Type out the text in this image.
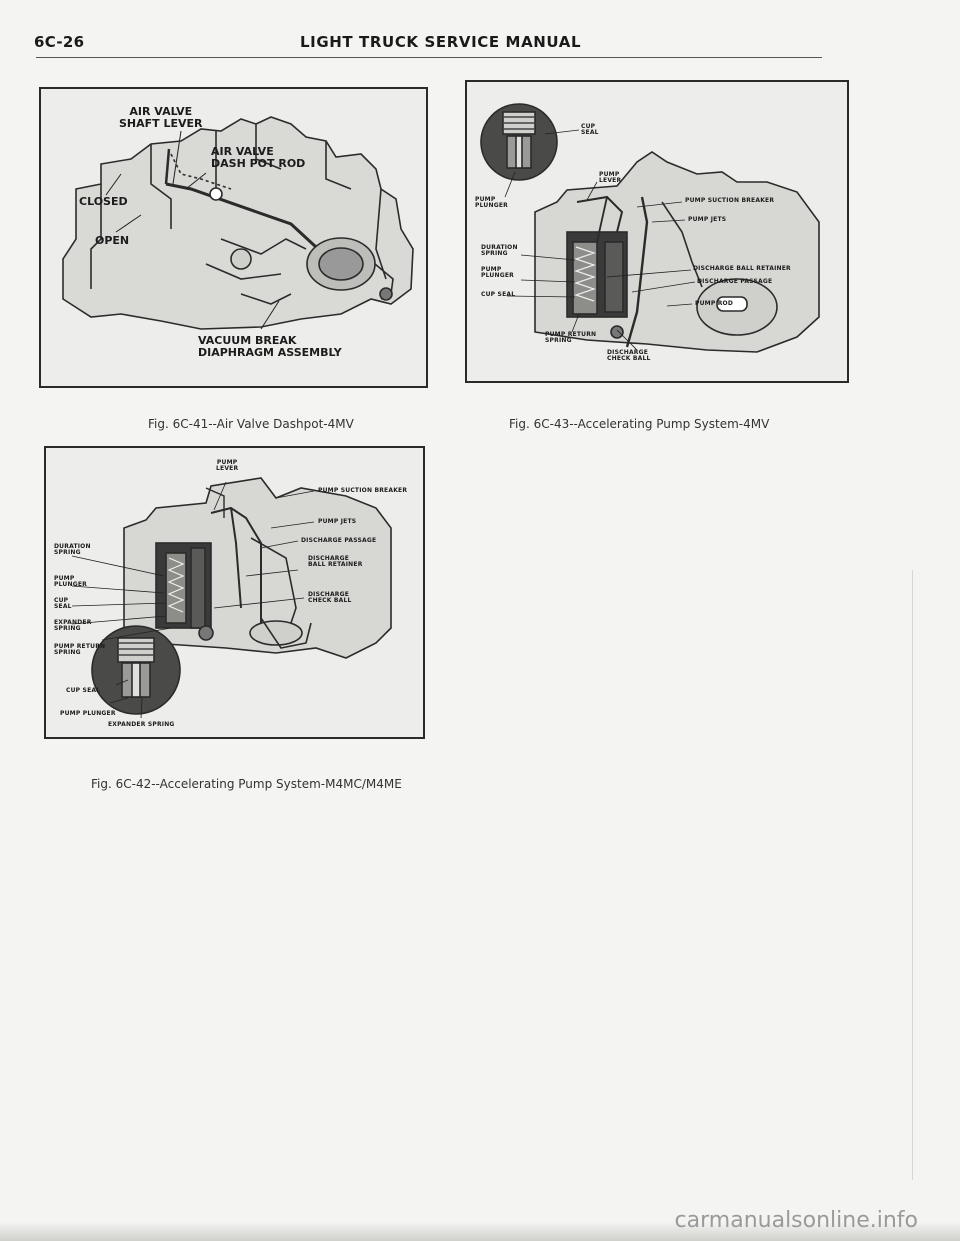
6C-26	LIGHT TRUCK SERVICE MANUAL
AIR VALVE
SHAFT LEVER
AIR VALVE
DASH POT ROD
CLOSED
OPEN
VACUUM BREAK
DIAPHRAGM ASSEMBLY
Fig. 6C-41--Air Valve Dashpot-4MV
PUMP
LEVER
PUMP SUCTION BREAKER
PUMP JETS
DISCHARGE PASSAGE
DISCHARGE
BALL RETAINER
DISCHARGE
CHECK BALL
DURATION
SPRING
PUMP
PLUNGER
CUP
SEAL
EXPANDER
SPRING
PUMP RETURN
SPRING
CUP SEAL
PUMP PLUNGER
EXPANDER SPRING
Fig. 6C-42--Accelerating Pump System-M4MC/M4ME
CUP
SEAL
PUMP
LEVER
PUMP
PLUNGER
PUMP SUCTION BREAKER
PUMP JETS
DURATION
SPRING
PUMP
PLUNGER
DISCHARGE BALL RETAINER
DISCHARGE PASSAGE
CUP SEAL
PUMP ROD
PUMP RETURN
SPRING
DISCHARGE
CHECK BALL
Fig. 6C-43--Accelerating Pump System-4MV
carmanualsonline.info
